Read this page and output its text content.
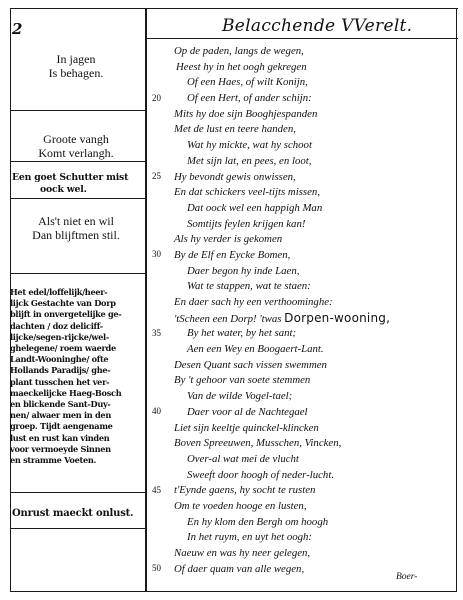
2	Belacchende VVerelt.
In jagen
Is behagen.
Groote vangh
Komt verlangh.
Een goet Schutter mist
oock wel.
Als't niet en wil
Dan blijftmen stil.
Het edel/loffelijk/heer-
lijck Gestachte van Dorp
blijft in onvergetelijke ge-
dachten / doz deliciff-
lijcke/segen-rijcke/wel-
ghelegene/ roem waerde
Landt-Wooninghe/ ofte
Hollands Paradijs/ ghe-
plant tusschen het ver-
maeckelijcke Haeg-Bosch
en blickende Sant-Duy-
nen/ alwaer men in den
groep. Tijdt aengename
lust en rust kan vinden
voor vermoeyde Sinnen
en stramme Voeten.
Onrust maeckt onlust.
20
25
30
35
40
45
50
Op de paden, langs de wegen,
Heest hy in het oogh gekregen
Of een Haes, of wilt Konijn,
Of een Hert, of ander schijn:
Mits hy doe sijn Booghjespanden
Met de lust en teere handen,
Wat hy mickte, wat hy schoot
Met sijn lat, en pees, en loot,
Hy bevondt gewis onwissen,
En dat schickers veel-tijts missen,
Dat oock wel een happigh Man
Somtijts feylen krijgen kan!
Als hy verder is gekomen
By de Elf en Eycke Bomen,
Daer begon hy inde Laen,
Wat te stappen, wat te staen:
En daer sach hy een verthoominghe:
'tScheen een Dorp! 'twas Dorpen-wooning,
By het water, by het sant;
Aen een Wey en Boogaert-Lant.
Desen Quant sach vissen swemmen
By 't gehoor van soete stemmen
Van de wilde Vogel-tael;
Daer voor al de Nachtegael
Liet sijn keeltje quinckel-klincken
Boven Spreeuwen, Musschen, Vincken,
Over-al wat mei de vlucht
Sweeft door hoogh of neder-lucht.
t'Eynde gaens, hy socht te rusten
Om te voeden hooge en lusten,
En hy klom den Bergh om hoogh
In het ruym, en uyt het oogh:
Naeuw en was hy neer gelegen,
Of daer quam van alle wegen,
Boer-
